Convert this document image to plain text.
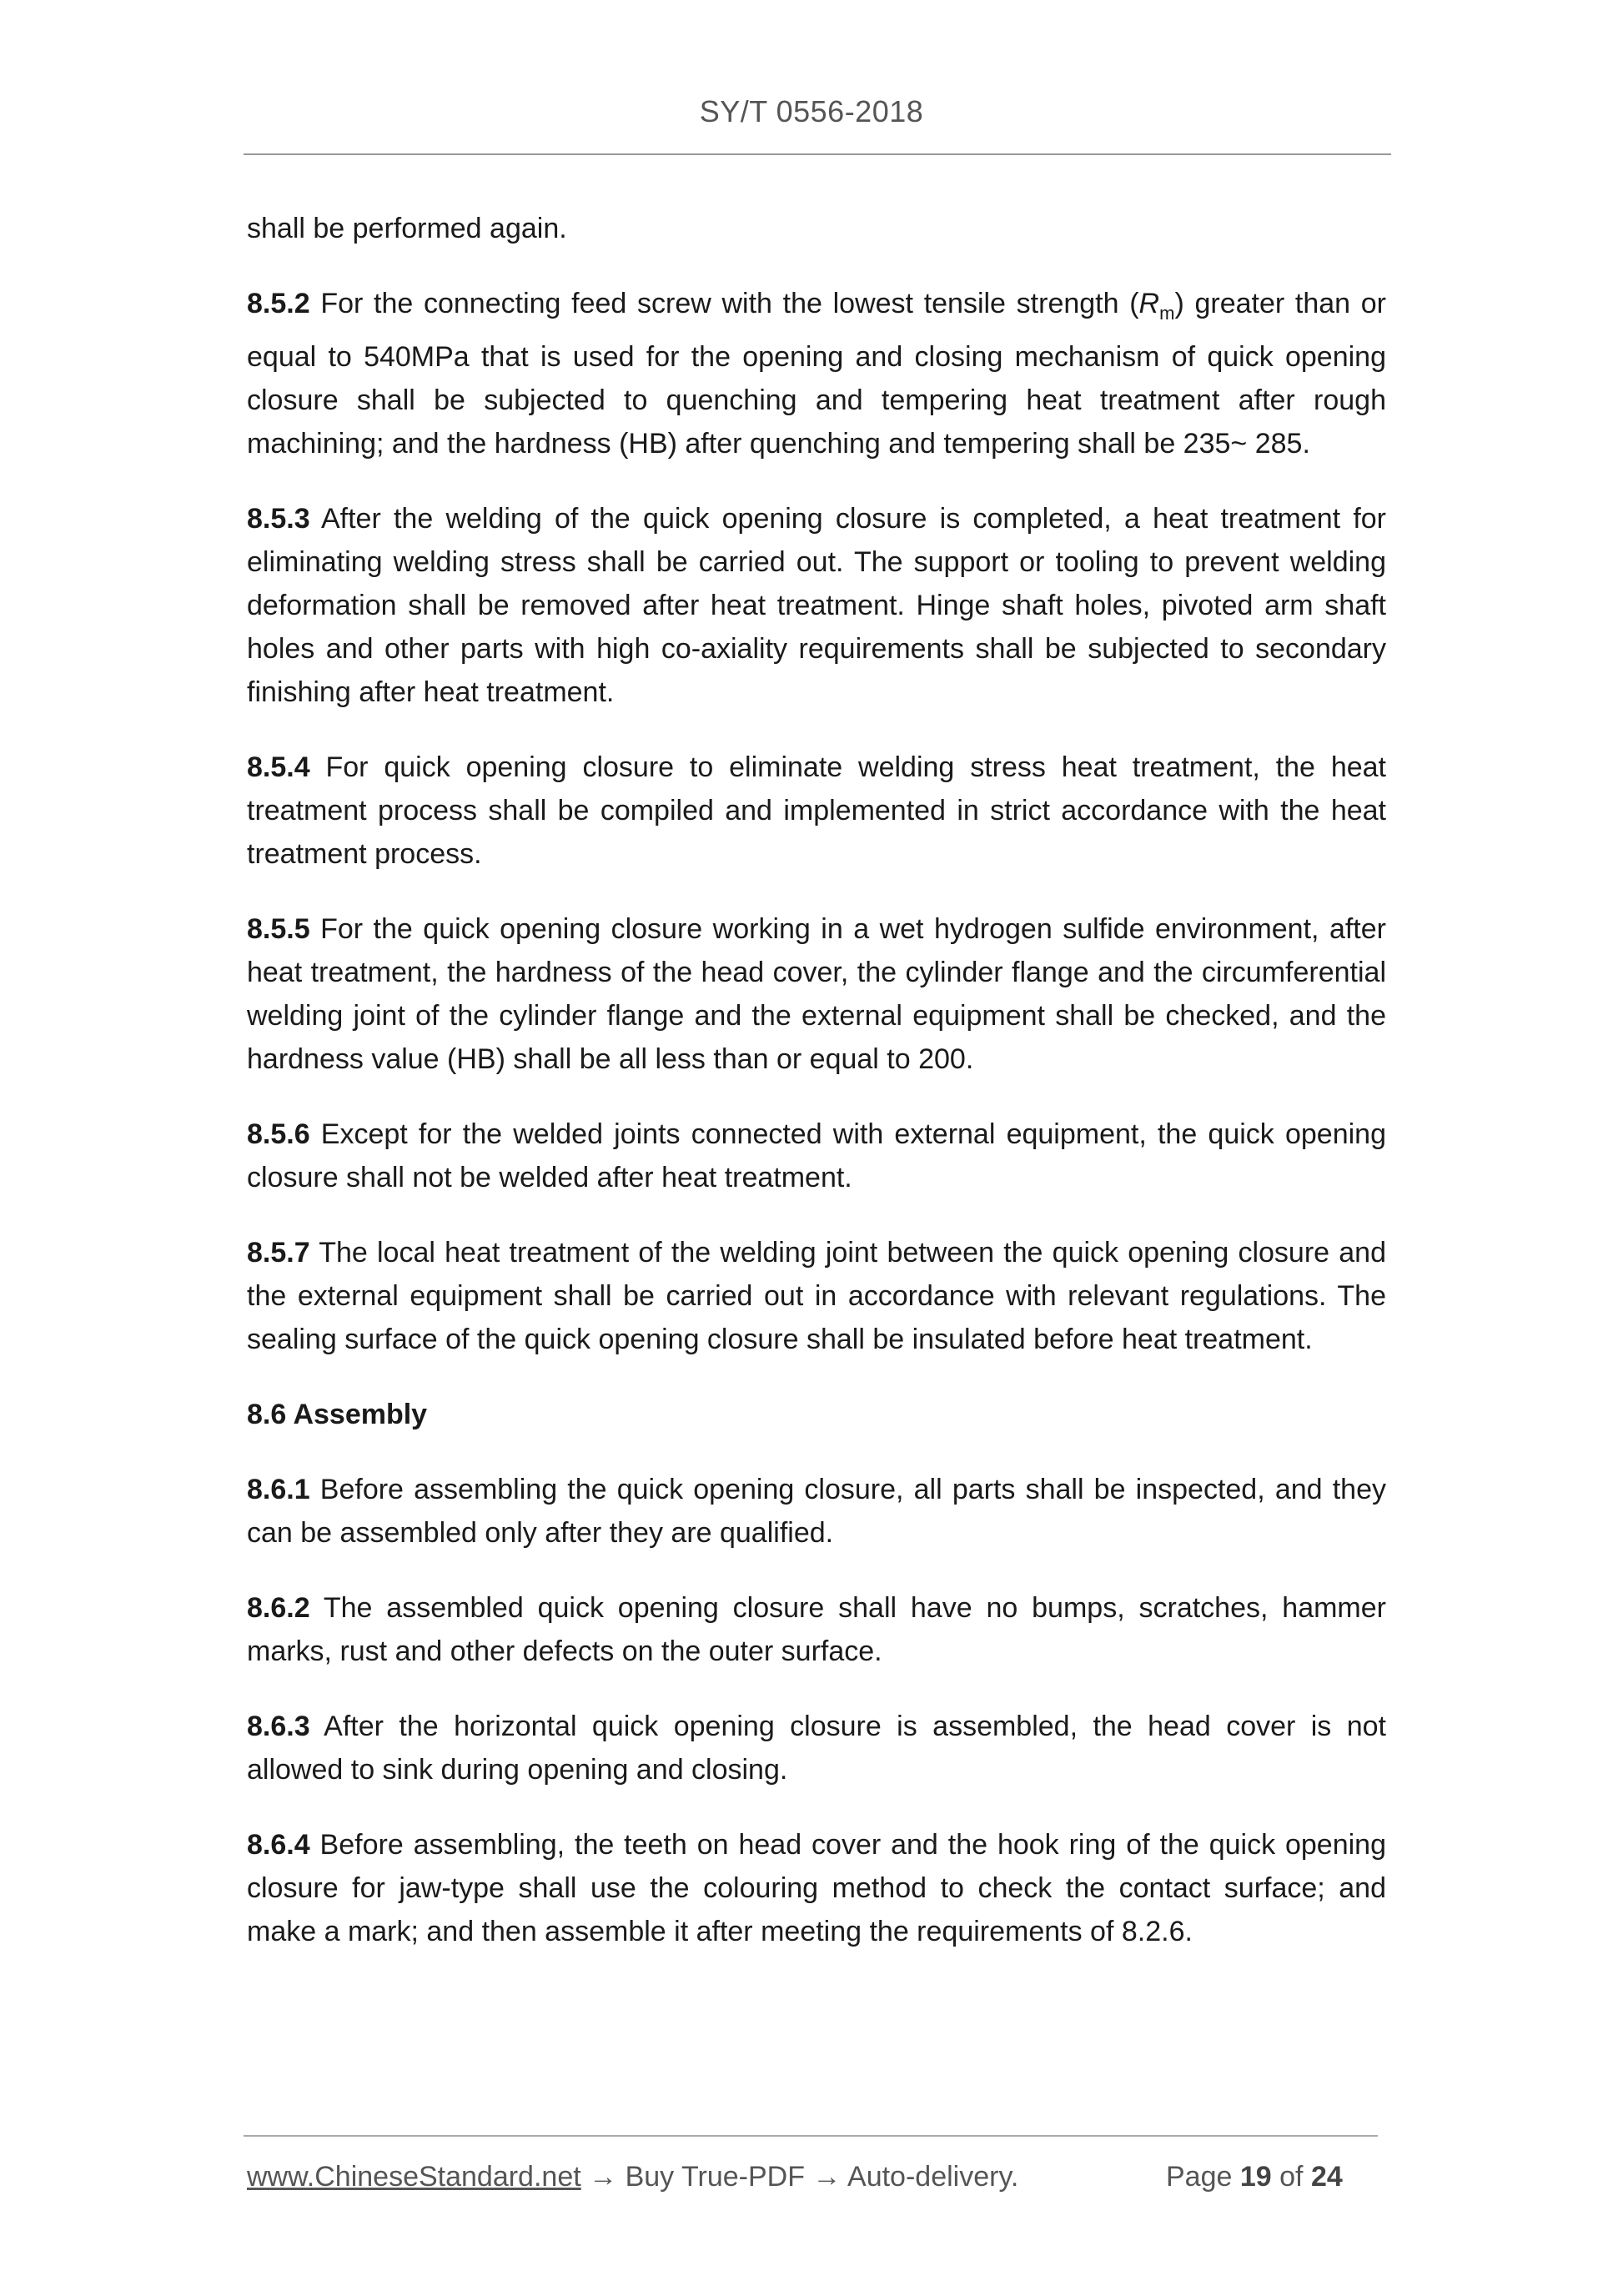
SY/T 0556-2018

shall be performed again.

8.5.2 For the connecting feed screw with the lowest tensile strength $(R_m)$ greater than or equal to 540MPa that is used for the opening and closing mechanism of quick opening closure shall be subjected to quenching and tempering heat treatment after rough machining; and the hardness (HB) after quenching and tempering shall be 235~ 285.

8.5.3 After the welding of the quick opening closure is completed, a heat treatment for eliminating welding stress shall be carried out. The support or tooling to prevent welding deformation shall be removed after heat treatment. Hinge shaft holes, pivoted arm shaft holes and other parts with high co-axiality requirements shall be subjected to secondary finishing after heat treatment.

8.5.4 For quick opening closure to eliminate welding stress heat treatment, the heat treatment process shall be compiled and implemented in strict accordance with the heat treatment process.

8.5.5 For the quick opening closure working in a wet hydrogen sulfide environment, after heat treatment, the hardness of the head cover, the cylinder flange and the circumferential welding joint of the cylinder flange and the external equipment shall be checked, and the hardness value (HB) shall be all less than or equal to 200.

8.5.6 Except for the welded joints connected with external equipment, the quick opening closure shall not be welded after heat treatment.

8.5.7 The local heat treatment of the welding joint between the quick opening closure and the external equipment shall be carried out in accordance with relevant regulations. The sealing surface of the quick opening closure shall be insulated before heat treatment.

8.6 Assembly

8.6.1 Before assembling the quick opening closure, all parts shall be inspected, and they can be assembled only after they are qualified.

8.6.2 The assembled quick opening closure shall have no bumps, scratches, hammer marks, rust and other defects on the outer surface.

8.6.3 After the horizontal quick opening closure is assembled, the head cover is not allowed to sink during opening and closing.

8.6.4 Before assembling, the teeth on head cover and the hook ring of the quick opening closure for jaw-type shall use the colouring method to check the contact surface; and make a mark; and then assemble it after meeting the requirements of 8.2.6.

www.ChineseStandard.net → Buy True-PDF → Auto-delivery.	Page 19 of 24
